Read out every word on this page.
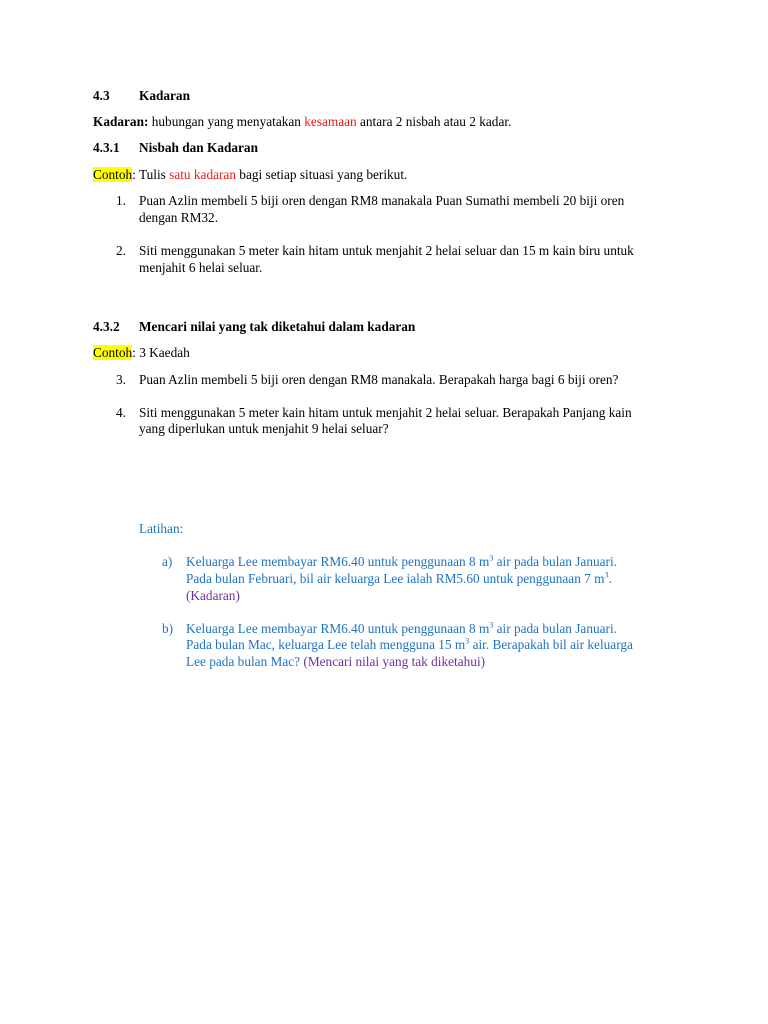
4.3 Kadaran
Kadaran: hubungan yang menyatakan kesamaan antara 2 nisbah atau 2 kadar.
4.3.1 Nisbah dan Kadaran
Contoh: Tulis satu kadaran bagi setiap situasi yang berikut.
1. Puan Azlin membeli 5 biji oren dengan RM8 manakala Puan Sumathi membeli 20 biji oren
dengan RM32.
2. Siti menggunakan 5 meter kain hitam untuk menjahit 2 helai seluar dan 15 m kain biru untuk
menjahit 6 helai seluar.
4.3.2 Mencari nilai yang tak diketahui dalam kadaran
Contoh: 3 Kaedah
3. Puan Azlin membeli 5 biji oren dengan RM8 manakala. Berapakah harga bagi 6 biji oren?
4. Siti menggunakan 5 meter kain hitam untuk menjahit 2 helai seluar. Berapakah Panjang kain
yang diperlukan untuk menjahit 9 helai seluar?
Latihan:
a) Keluarga Lee membayar RM6.40 untuk penggunaan 8 $m^3$ air pada bulan Januari.
Pada bulan Februari, bil air keluarga Lee ialah RM5.60 untuk penggunaan 7 $m^3$.
(Kadaran)
b) Keluarga Lee membayar RM6.40 untuk penggunaan 8 $m^3$ air pada bulan Januari.
Pada bulan Mac, keluarga Lee telah mengguna 15 $m^3$ air. Berapakah bil air keluarga
Lee pada bulan Mac? (Mencari nilai yang tak diketahui)
